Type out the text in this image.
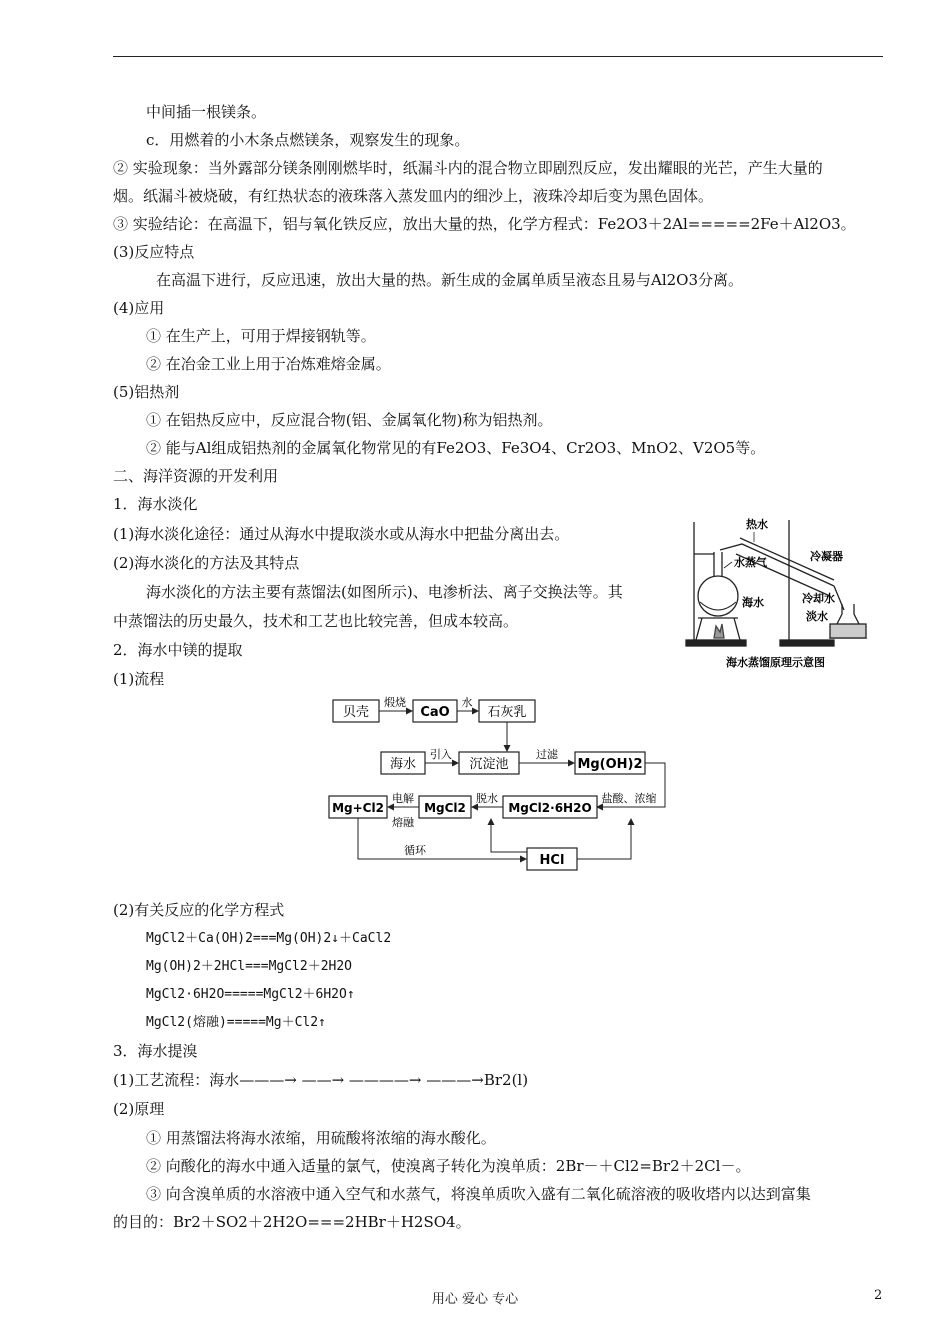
中间插一根镁条。
c．用燃着的小木条点燃镁条，观察发生的现象。
② 实验现象：当外露部分镁条刚刚燃毕时，纸漏斗内的混合物立即剧烈反应，发出耀眼的光芒，产生大量的
烟。纸漏斗被烧破，有红热状态的液珠落入蒸发皿内的细沙上，液珠冷却后变为黑色固体。
③ 实验结论：在高温下，铝与氧化铁反应，放出大量的热，化学方程式：Fe2O3＋2Al=====2Fe＋Al2O3。
(3)反应特点
在高温下进行，反应迅速，放出大量的热。新生成的金属单质呈液态且易与Al2O3分离。
(4)应用
① 在生产上，可用于焊接钢轨等。
② 在冶金工业上用于冶炼难熔金属。
(5)铝热剂
① 在铝热反应中，反应混合物(铝、金属氧化物)称为铝热剂。
② 能与Al组成铝热剂的金属氧化物常见的有Fe2O3、Fe3O4、Cr2O3、MnO2、V2O5等。
二、海洋资源的开发利用
1．海水淡化
(1)海水淡化途径：通过从海水中提取淡水或从海水中把盐分离出去。
(2)海水淡化的方法及其特点
海水淡化的方法主要有蒸馏法(如图所示)、电渗析法、离子交换法等。其
中蒸馏法的历史最久，技术和工艺也比较完善，但成本较高。
2．海水中镁的提取
(1)流程
(2)有关反应的化学方程式
MgCl2＋Ca(OH)2===Mg(OH)2↓＋CaCl2
Mg(OH)2＋2HCl===MgCl2＋2H2O
MgCl2·6H2O=====MgCl2＋6H2O↑
MgCl2(熔融)=====Mg＋Cl2↑
3．海水提溴
(1)工艺流程：海水———→ ——→ ————→ ———→Br2(l)
(2)原理
① 用蒸馏法将海水浓缩，用硫酸将浓缩的海水酸化。
② 向酸化的海水中通入适量的氯气，使溴离子转化为溴单质：2Br－＋Cl2=Br2＋2Cl－。
③ 向含溴单质的水溶液中通入空气和水蒸气，将溴单质吹入盛有二氧化硫溶液的吸收塔内以达到富集
的目的：Br2＋SO2＋2H2O===2HBr＋H2SO4。
热水
水蒸气	冷凝器
海水	冷却水
淡水
海水蒸馏原理示意图
贝壳	CaO	石灰乳
煅烧	水
海水	沉淀池	Mg(OH)2
引入	过滤
盐酸、浓缩
Mg+Cl2	MgCl2	MgCl2·6H2O
脱水
电解
熔融
HCl
循环
用心 爱心 专心	2
